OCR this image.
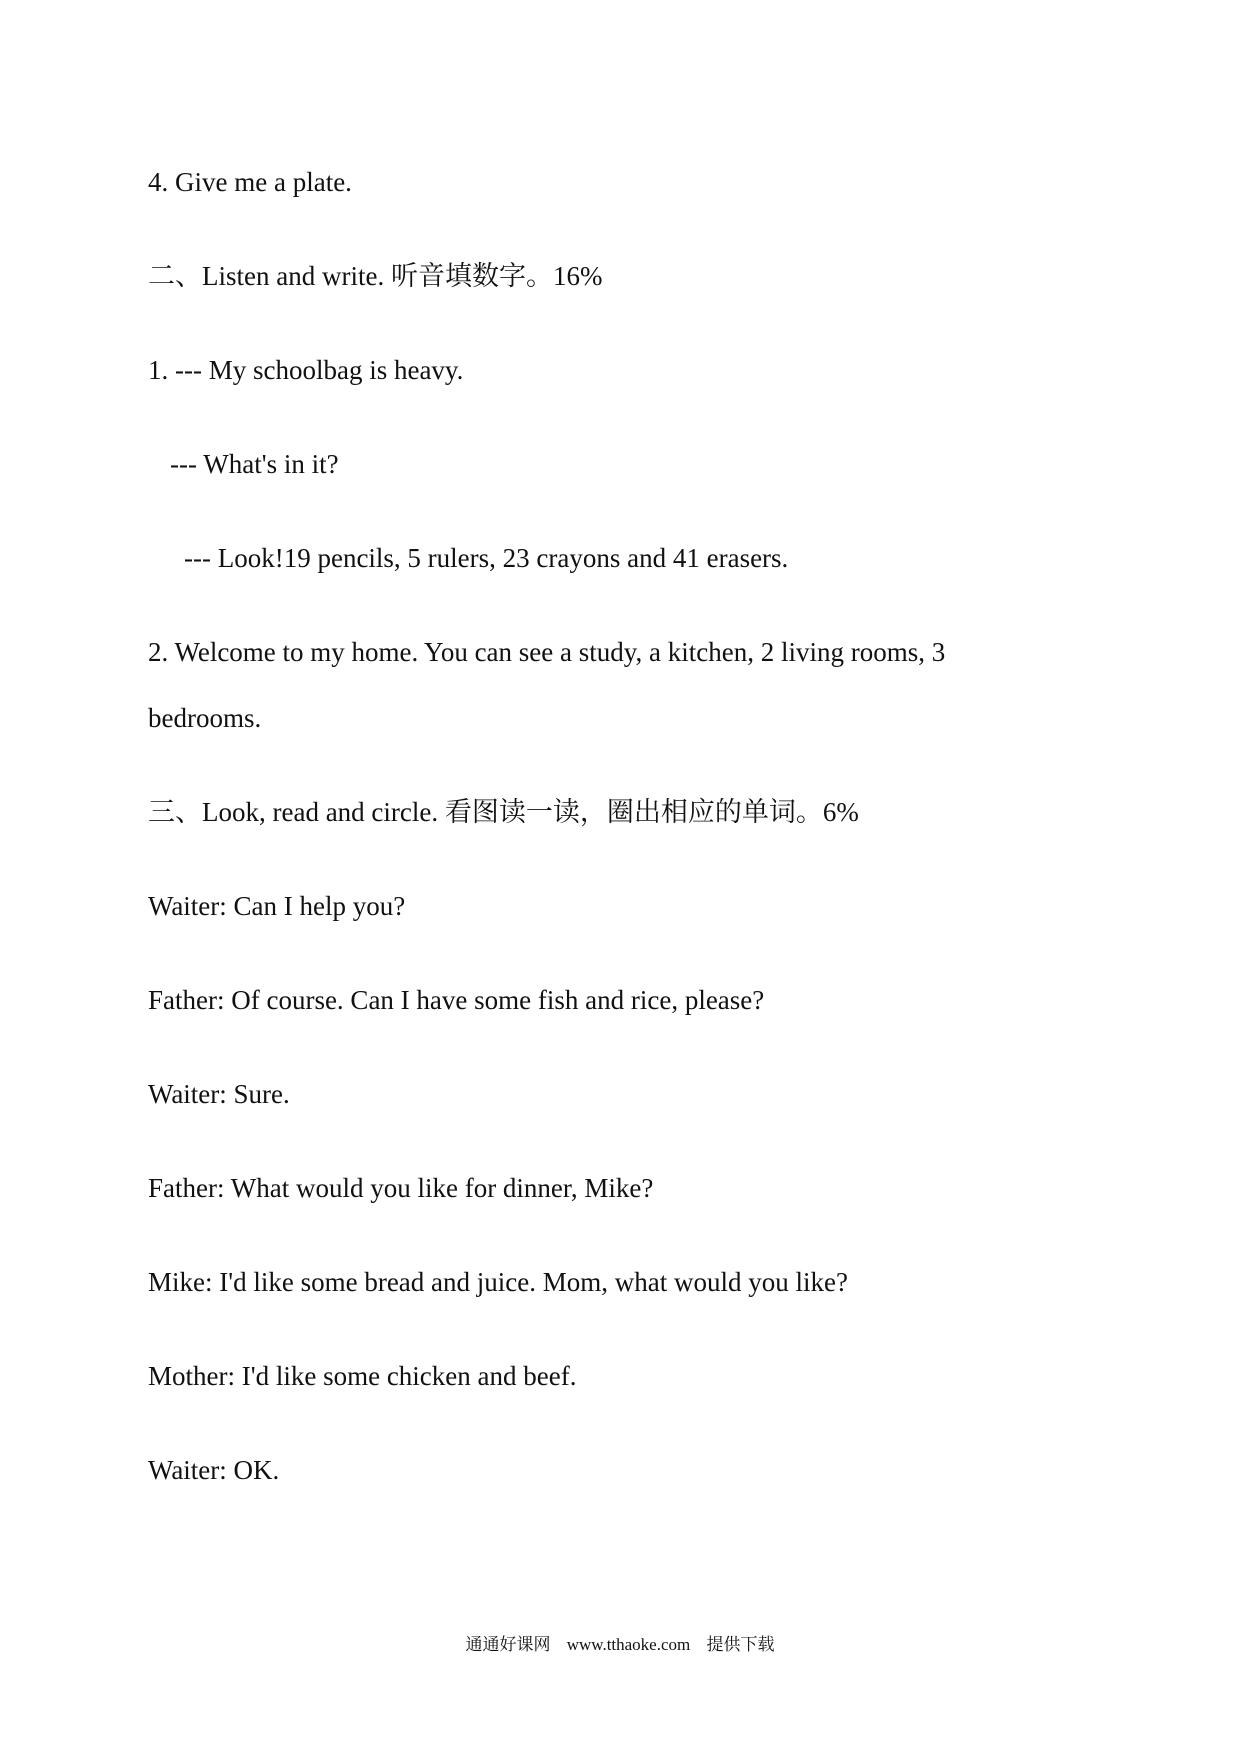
4. Give me a plate.
二、Listen and write. 听音填数字。16%
1. --- My schoolbag is heavy.
--- What's in it?
--- Look!19 pencils, 5 rulers, 23 crayons and 41 erasers.
2. Welcome to my home. You can see a study, a kitchen, 2 living rooms, 3
bedrooms.
三、Look, read and circle. 看图读一读，圈出相应的单词。6%
Waiter: Can I help you?
Father: Of course. Can I have some fish and rice, please?
Waiter: Sure.
Father: What would you like for dinner, Mike?
Mike: I'd like some bread and juice. Mom, what would you like?
Mother: I'd like some chicken and beef.
Waiter: OK.
通通好课网 www.tthaoke.com 提供下载
